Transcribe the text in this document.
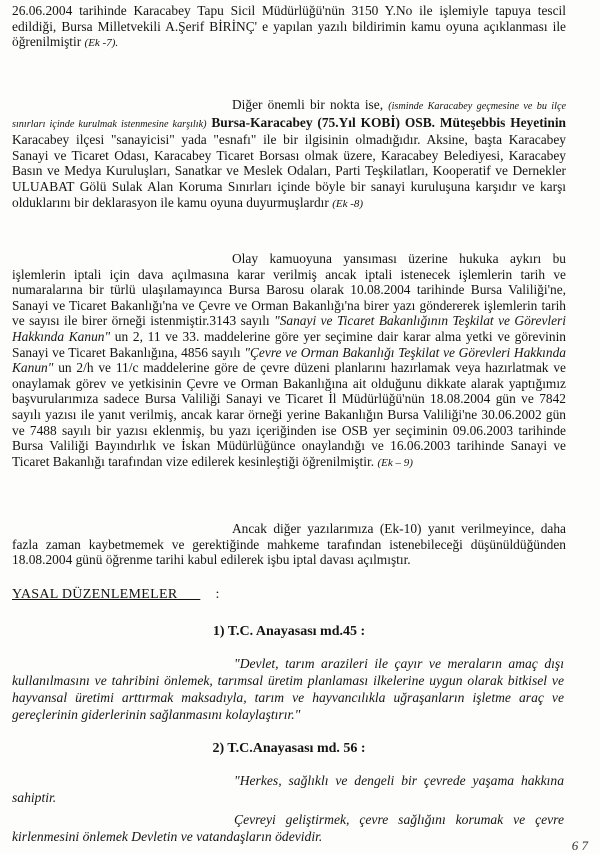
26.06.2004 tarihinde Karacabey Tapu Sicil Müdürlüğü'nün 3150 Y.No ile işlemiyle tapuya tescil edildiği, Bursa Milletvekili A.Şerif BİRİNÇ' e yapılan yazılı bildirimin kamu oyuna açıklanması ile öğrenilmiştir (Ek -7).
Diğer önemli bir nokta ise, (isminde Karacabey geçmesine ve bu ilçe sınırları içinde kurulmak istenmesine karşılık) Bursa-Karacabey (75.Yıl KOBİ) OSB. Müteşebbis Heyetinin Karacabey ilçesi "sanayicisi" yada "esnafı" ile bir ilgisinin olmadığıdır. Aksine, başta Karacabey Sanayi ve Ticaret Odası, Karacabey Ticaret Borsası olmak üzere, Karacabey Belediyesi, Karacabey Basın ve Medya Kuruluşları, Sanatkar ve Meslek Odaları, Parti Teşkilatları, Kooperatif ve Dernekler ULUABAT Gölü Sulak Alan Koruma Sınırları içinde böyle bir sanayi kuruluşuna karşıdır ve karşı olduklarını bir deklarasyon ile kamu oyuna duyurmuşlardır (Ek -8)
Olay kamuoyuna yansıması üzerine hukuka aykırı bu işlemlerin iptali için dava açılmasına karar verilmiş ancak iptali istenecek işlemlerin tarih ve numaralarına bir türlü ulaşılamayınca Bursa Barosu olarak 10.08.2004 tarihinde Bursa Valiliği'ne, Sanayi ve Ticaret Bakanlığı'na ve Çevre ve Orman Bakanlığı'na birer yazı göndererek işlemlerin tarih ve sayısı ile birer örneği istenmiştir.3143 sayılı "Sanayi ve Ticaret Bakanlığının Teşkilat ve Görevleri Hakkında Kanun" un 2, 11 ve 33. maddelerine göre yer seçimine dair karar alma yetki ve görevinin Sanayi ve Ticaret Bakanlığına, 4856 sayılı "Çevre ve Orman Bakanlığı Teşkilat ve Görevleri Hakkında Kanun" un 2/h ve 11/c maddelerine göre de çevre düzeni planlarını hazırlamak veya hazırlatmak ve onaylamak görev ve yetkisinin Çevre ve Orman Bakanlığına ait olduğunu dikkate alarak yaptığımız başvurularımıza sadece Bursa Valiliği Sanayi ve Ticaret İl Müdürlüğü'nün 18.08.2004 gün ve 7842 sayılı yazısı ile yanıt verilmiş, ancak karar örneği yerine Bakanlığın Bursa Valiliği'ne 30.06.2002 gün ve 7488 sayılı bir yazısı eklenmiş, bu yazı içeriğinden ise OSB yer seçiminin 09.06.2003 tarihinde Bursa Valiliği Bayındırlık ve İskan Müdürlüğünce onaylandığı ve 16.06.2003 tarihinde Sanayi ve Ticaret Bakanlığı tarafından vize edilerek kesinleştiği öğrenilmiştir. (Ek – 9)
Ancak diğer yazılarımıza (Ek-10) yanıt verilmeyince, daha fazla zaman kaybetmemek ve gerektiğinde mahkeme tarafından istenebileceği düşünüldüğünden 18.08.2004 günü öğrenme tarihi kabul edilerek işbu iptal davası açılmıştır.
YASAL DÜZENLEMELER	:
1) T.C. Anayasası md.45 :
"Devlet, tarım arazileri ile çayır ve meraların amaç dışı kullanılmasını ve tahribini önlemek, tarımsal üretim planlaması ilkelerine uygun olarak bitkisel ve hayvansal üretimi arttırmak maksadıyla, tarım ve hayvancılıkla uğraşanların işletme araç ve gereçlerinin giderlerinin sağlanmasını kolaylaştırır."
2) T.C.Anayasası md. 56 :
"Herkes, sağlıklı ve dengeli bir çevrede yaşama hakkına sahiptir.
Çevreyi geliştirmek, çevre sağlığını korumak ve çevre kirlenmesini önlemek Devletin ve vatandaşların ödevidir.
6 7
